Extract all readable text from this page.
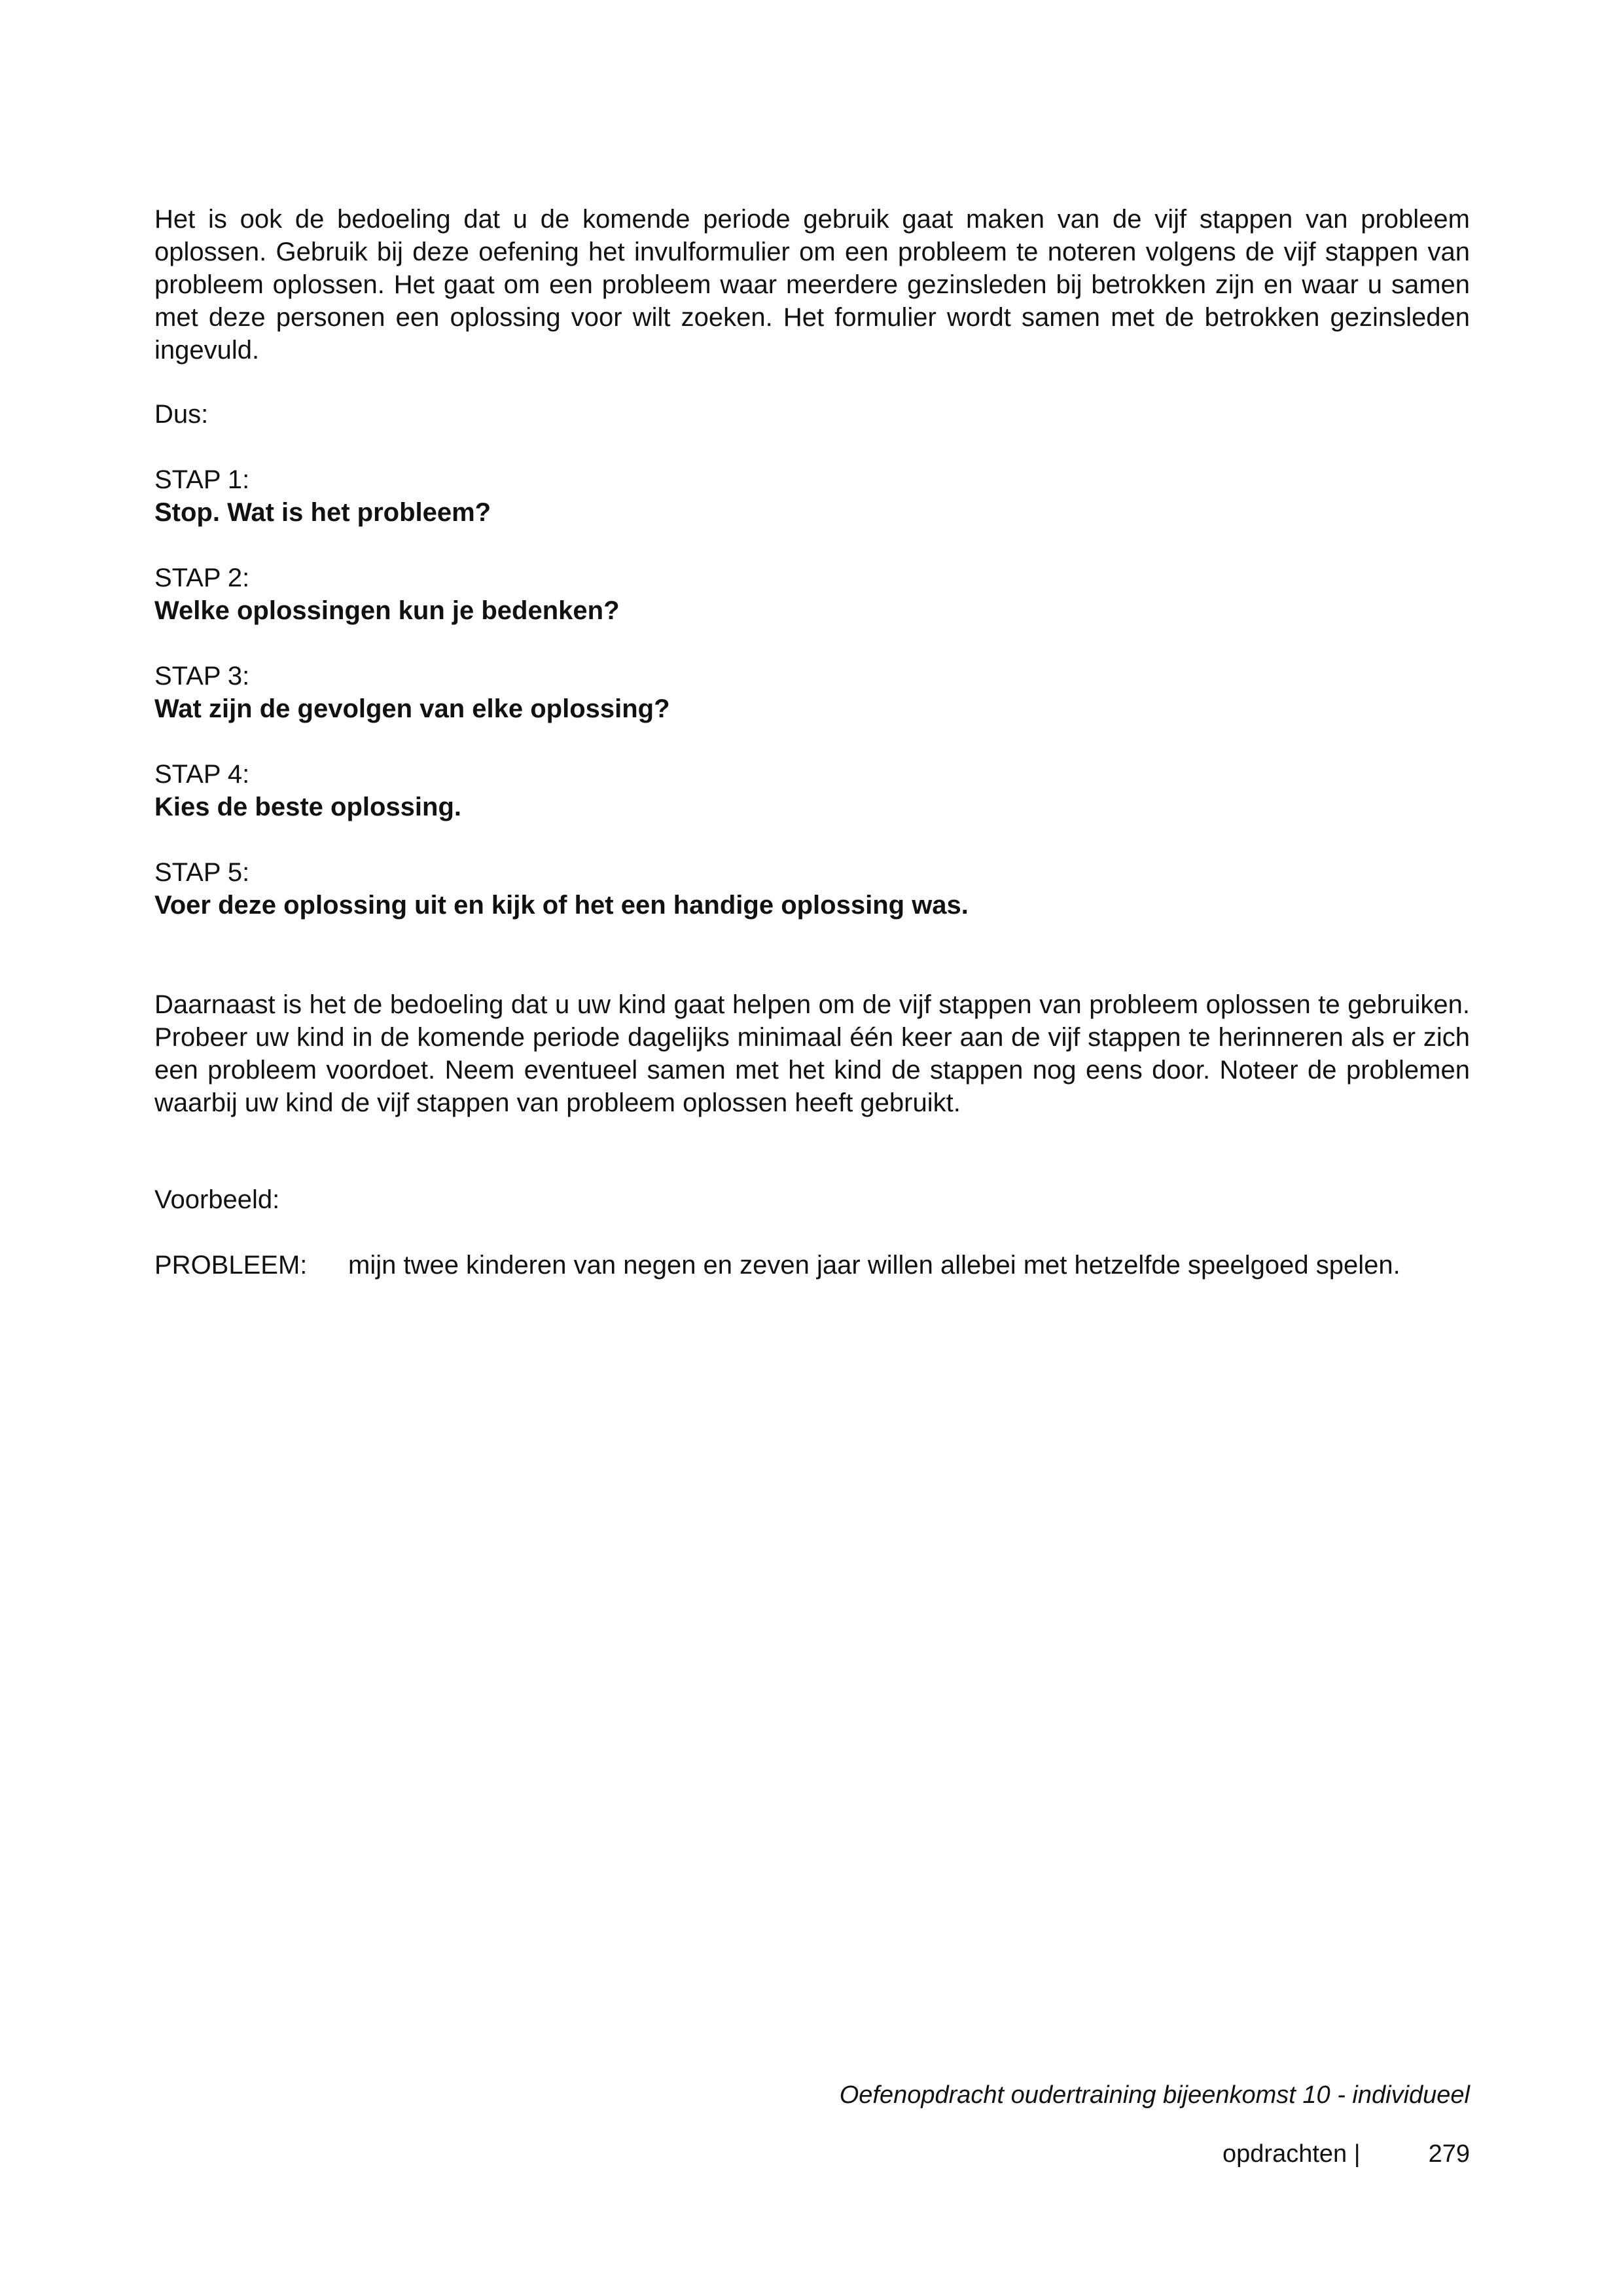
Het is ook de bedoeling dat u de komende periode gebruik gaat maken van de vijf stappen van probleem oplossen. Gebruik bij deze oefening het invulformulier om een probleem te noteren volgens de vijf stappen van probleem oplossen. Het gaat om een probleem waar meerdere gezinsleden bij betrokken zijn en waar u samen met deze personen een oplossing voor wilt zoeken. Het formulier wordt samen met de betrokken gezinsleden ingevuld.

Dus:

STAP 1:
Stop. Wat is het probleem?
STAP 2:
Welke oplossingen kun je bedenken?
STAP 3:
Wat zijn de gevolgen van elke oplossing?
STAP 4:
Kies de beste oplossing.
STAP 5:
Voer deze oplossing uit en kijk of het een handige oplossing was.

Daarnaast is het de bedoeling dat u uw kind gaat helpen om de vijf stappen van probleem oplossen te gebruiken. Probeer uw kind in de komende periode dagelijks minimaal één keer aan de vijf stappen te herinneren als er zich een probleem voordoet. Neem eventueel samen met het kind de stappen nog eens door. Noteer de problemen waarbij uw kind de vijf stappen van probleem oplossen heeft gebruikt.

Voorbeeld:

PROBLEEM:	mijn twee kinderen van negen en zeven jaar willen allebei met hetzelfde speelgoed spelen.
Oefenopdracht oudertraining bijeenkomst 10 - individueel
opdrachten |	279
